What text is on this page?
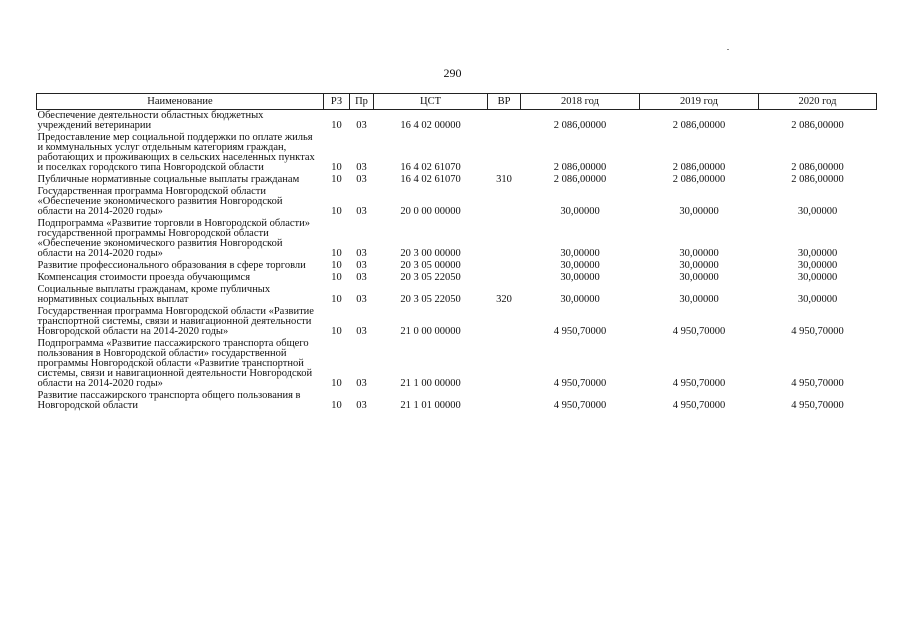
290
Наименование	РЗ	Пр	ЦСТ	ВР	2018 год	2019 год	2020 год
Обеспечение деятельности областных бюджетных учреждений ветеринарии	10	03	16 4 02 00000		2 086,00000	2 086,00000	2 086,00000
Предоставление мер социальной поддержки по оплате жилья и коммунальных услуг отдельным категориям граждан, работающих и проживающих в сельских населенных пунктах и поселках городского типа Новгородской области	10	03	16 4 02 61070		2 086,00000	2 086,00000	2 086,00000
Публичные нормативные социальные выплаты гражданам	10	03	16 4 02 61070	310	2 086,00000	2 086,00000	2 086,00000
Государственная программа Новгородской области «Обеспечение экономического развития Новгородской области на 2014-2020 годы»	10	03	20 0 00 00000		30,00000	30,00000	30,00000
Подпрограмма «Развитие торговли в Новгородской области» государственной программы Новгородской области «Обеспечение экономического развития Новгородской области на 2014-2020 годы»	10	03	20 3 00 00000		30,00000	30,00000	30,00000
Развитие профессионального образования в сфере торговли	10	03	20 3 05 00000		30,00000	30,00000	30,00000
Компенсация стоимости проезда обучающимся	10	03	20 3 05 22050		30,00000	30,00000	30,00000
Социальные выплаты гражданам, кроме публичных нормативных социальных выплат	10	03	20 3 05 22050	320	30,00000	30,00000	30,00000
Государственная программа Новгородской области «Развитие транспортной системы, связи и навигационной деятельности Новгородской области на 2014-2020 годы»	10	03	21 0 00 00000		4 950,70000	4 950,70000	4 950,70000
Подпрограмма «Развитие пассажирского транспорта общего пользования в Новгородской области» государственной программы Новгородской области «Развитие транспортной системы, связи и навигационной деятельности Новгородской области на 2014-2020 годы»	10	03	21 1 00 00000		4 950,70000	4 950,70000	4 950,70000
Развитие пассажирского транспорта общего пользования в Новгородской области	10	03	21 1 01 00000		4 950,70000	4 950,70000	4 950,70000
